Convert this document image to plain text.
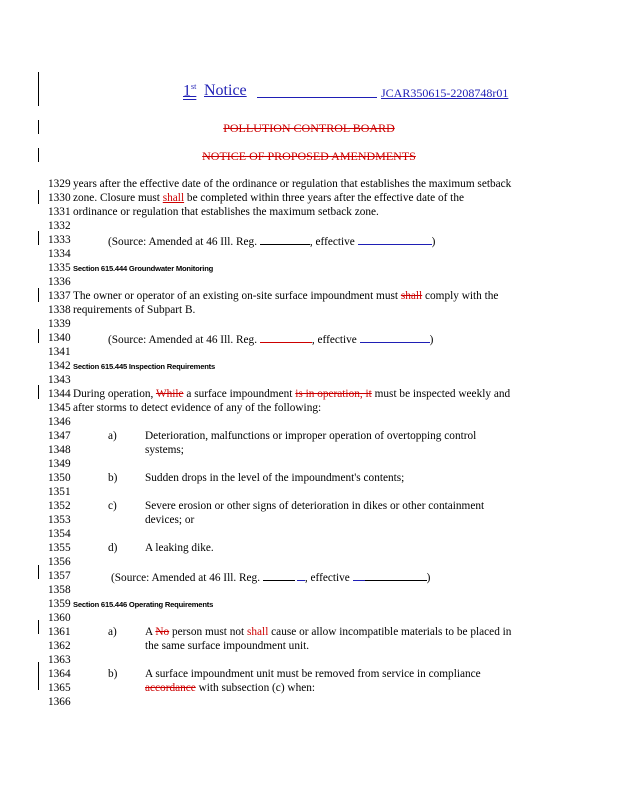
1st Notice	JCAR350615-2208748r01
POLLUTION CONTROL BOARD
NOTICE OF PROPOSED AMENDMENTS
1329 years after the effective date of the ordinance or regulation that establishes the maximum setback
1330 zone. Closure must shall be completed within three years after the effective date of the
1331 ordinance or regulation that establishes the maximum setback zone.
1332
1333	(Source: Amended at 46 Ill. Reg.	, effective	)
1334
1335 Section 615.444 Groundwater Monitoring
1336
1337 The owner or operator of an existing on-site surface impoundment must shall comply with the
1338 requirements of Subpart B.
1339
1340	(Source: Amended at 46 Ill. Reg.	, effective	)
1341
1342 Section 615.445 Inspection Requirements
1343
1344 During operation, While a surface impoundment is in operation, it must be inspected weekly and
1345 after storms to detect evidence of any of the following:
1346
1347	a) Deterioration, malfunctions or improper operation of overtopping control
1348	systems;
1349
1350	b) Sudden drops in the level of the impoundment's contents;
1351
1352	c) Severe erosion or other signs of deterioration in dikes or other containment
1353	devices; or
1354
1355	d) A leaking dike.
1356
1357	(Source: Amended at 46 Ill. Reg.	, effective	)
1358
1359 Section 615.446 Operating Requirements
1360
1361	a) A No person must not shall cause or allow incompatible materials to be placed in
1362	the same surface impoundment unit.
1363
1364	b) A surface impoundment unit must be removed from service in compliance
1365	accordance with subsection (c) when:
1366
